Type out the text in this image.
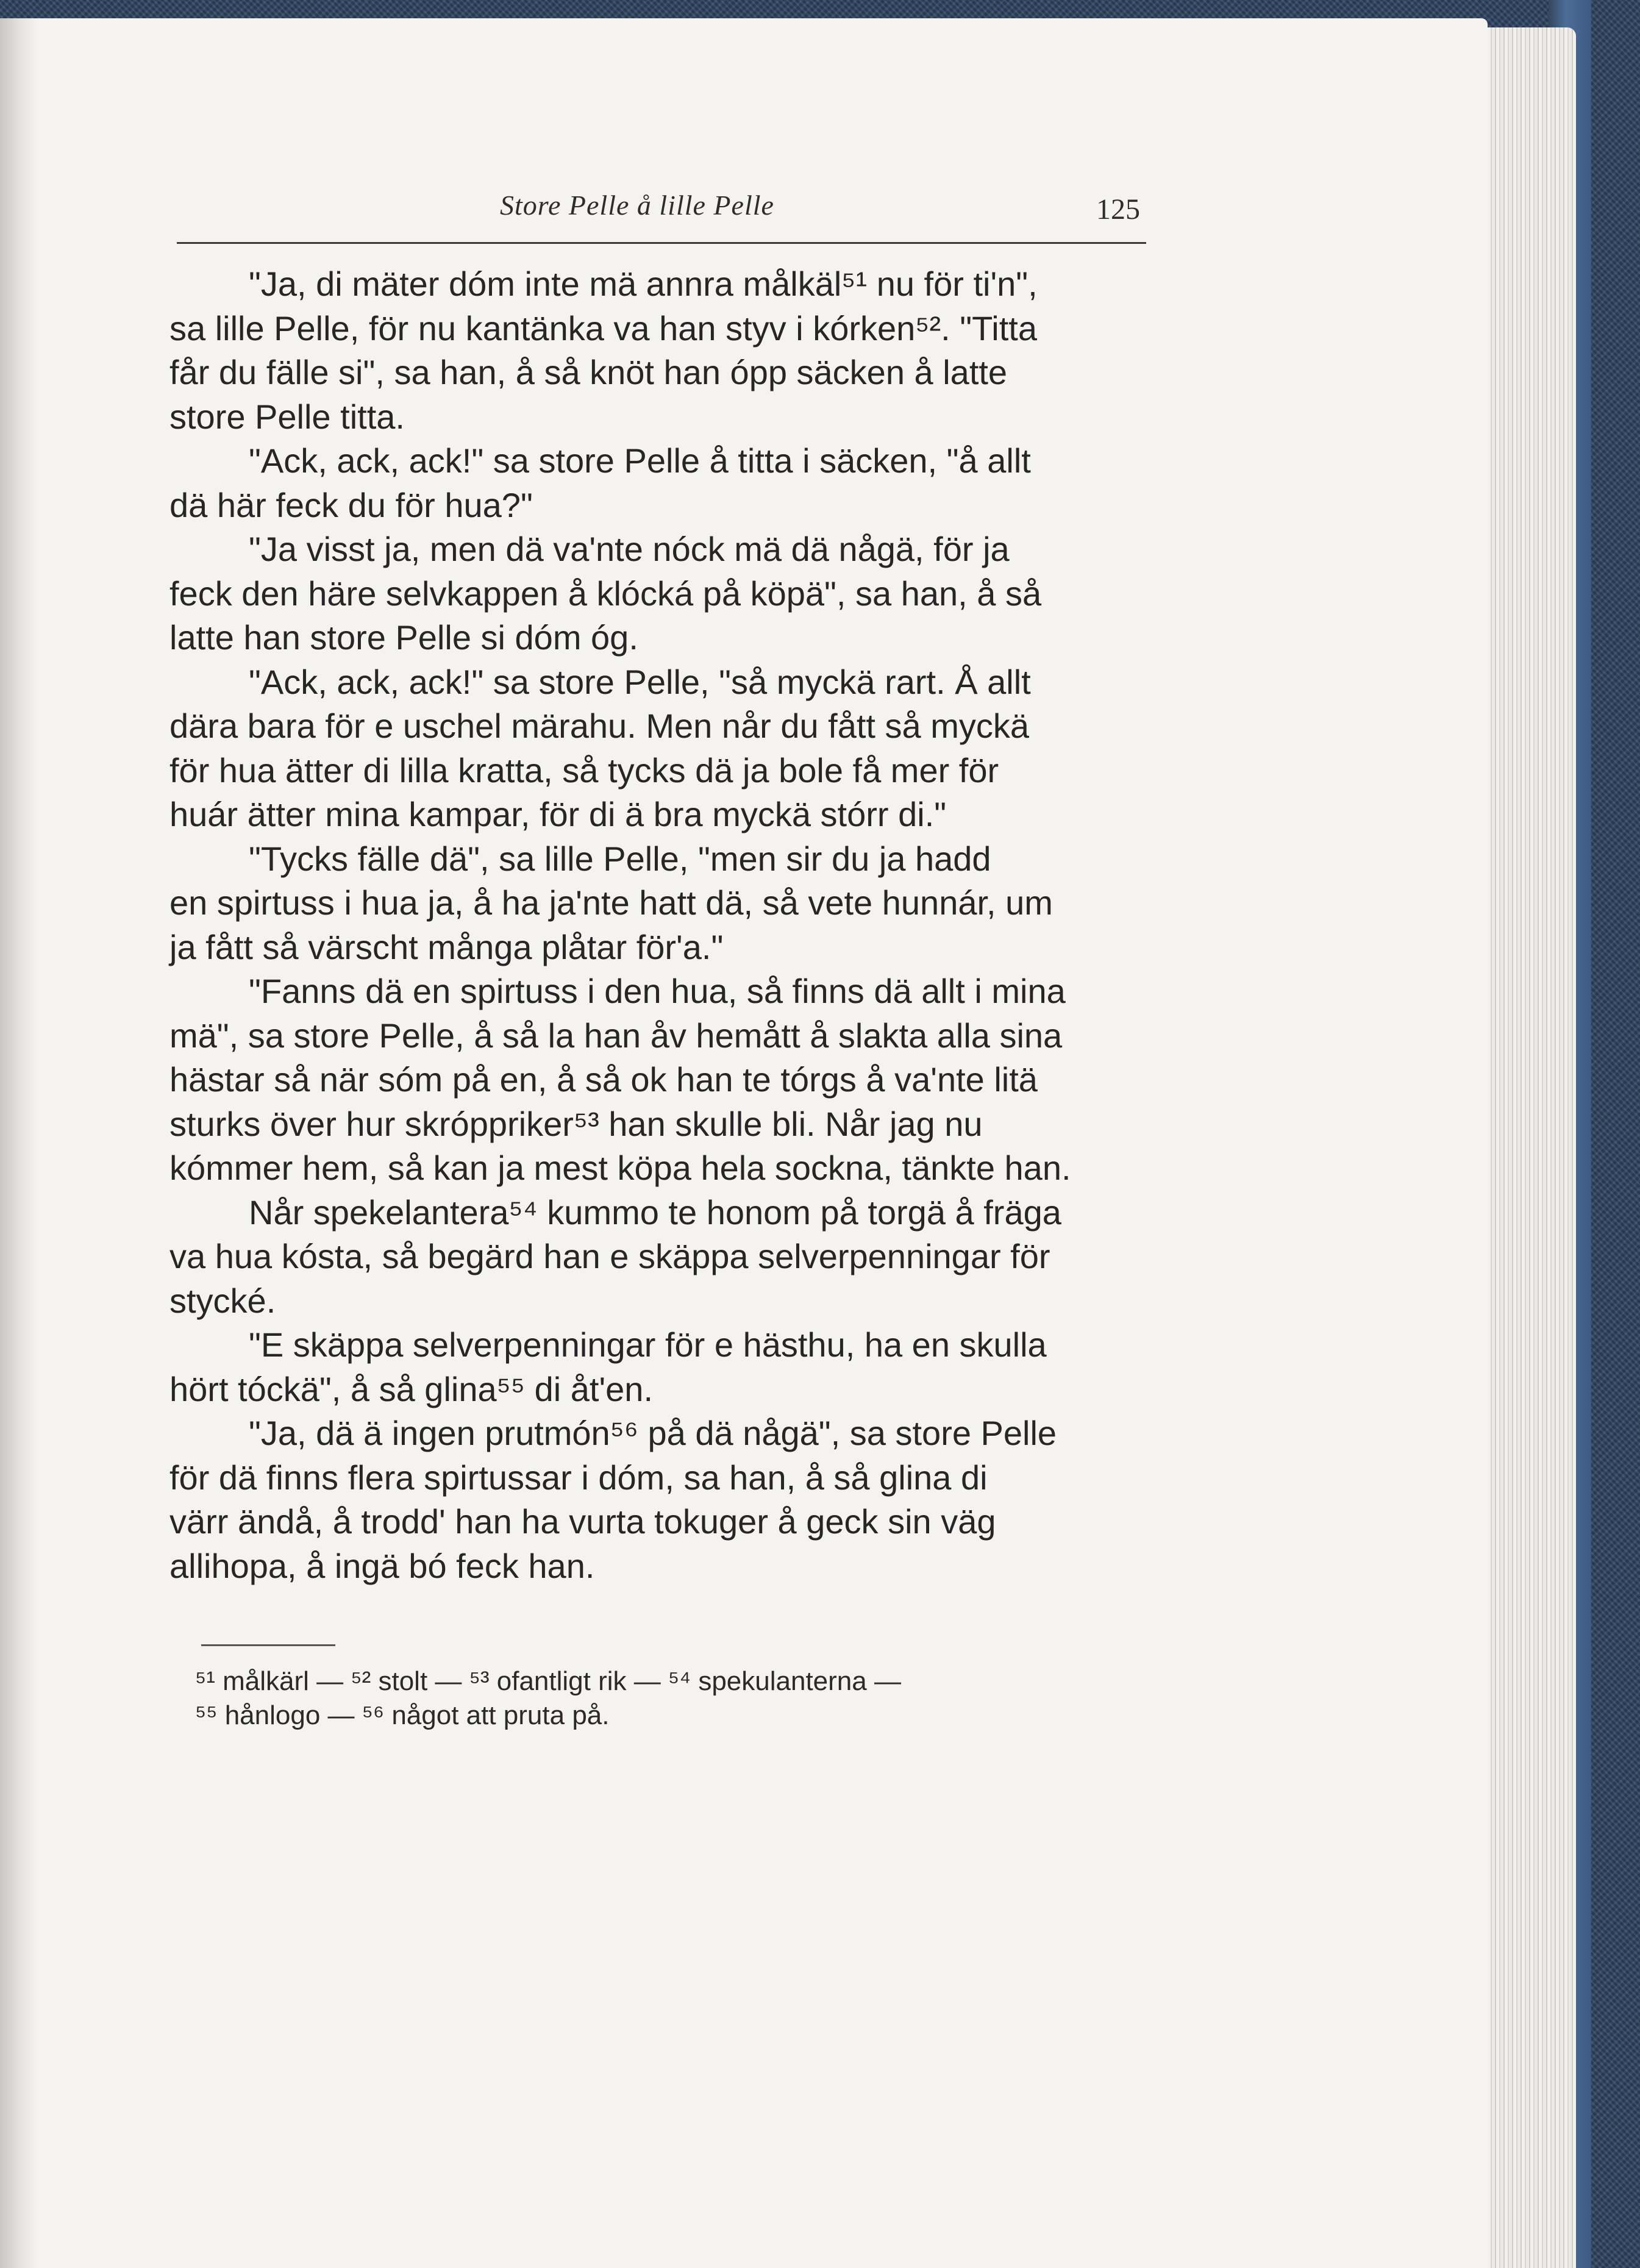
Store Pelle å lille Pelle	125

"Ja, di mäter dóm inte mä annra målkäl⁵¹ nu för ti'n",
sa lille Pelle, för nu kantänka va han styv i kórken⁵². "Titta
får du fälle si", sa han, å så knöt han ópp säcken å latte
store Pelle titta.

"Ack, ack, ack!" sa store Pelle å titta i säcken, "å allt
dä här feck du för hua?"

"Ja visst ja, men dä va'nte nóck mä dä någä, för ja
feck den häre selvkappen å klócká på köpä", sa han, å så
latte han store Pelle si dóm óg.

"Ack, ack, ack!" sa store Pelle, "så myckä rart. Å allt
dära bara för e uschel märahu. Men når du fått så myckä
för hua ätter di lilla kratta, så tycks dä ja bole få mer för
huár ätter mina kampar, för di ä bra myckä stórr di."

"Tycks fälle dä", sa lille Pelle, "men sir du ja hadd
en spirtuss i hua ja, å ha ja'nte hatt dä, så vete hunnár, um
ja fått så värscht många plåtar för'a."

"Fanns dä en spirtuss i den hua, så finns dä allt i mina
mä", sa store Pelle, å så la han åv hemått å slakta alla sina
hästar så när sóm på en, å så ok han te tórgs å va'nte litä
sturks över hur skróppriker⁵³ han skulle bli. Når jag nu
kómmer hem, så kan ja mest köpa hela sockna, tänkte han.

Når spekelantera⁵⁴ kummo te honom på torgä å fräga
va hua kósta, så begärd han e skäppa selverpenningar för
stycké.

"E skäppa selverpenningar för e hästhu, ha en skulla
hört tóckä", å så glina⁵⁵ di åt'en.

"Ja, dä ä ingen prutmón⁵⁶ på dä någä", sa store Pelle
för dä finns flera spirtussar i dóm, sa han, å så glina di
värr ändå, å trodd' han ha vurta tokuger å geck sin väg
allihopa, å ingä bó feck han.

⁵¹ målkärl — ⁵² stolt — ⁵³ ofantligt rik — ⁵⁴ spekulanterna —
⁵⁵ hånlogo — ⁵⁶ något att pruta på.
